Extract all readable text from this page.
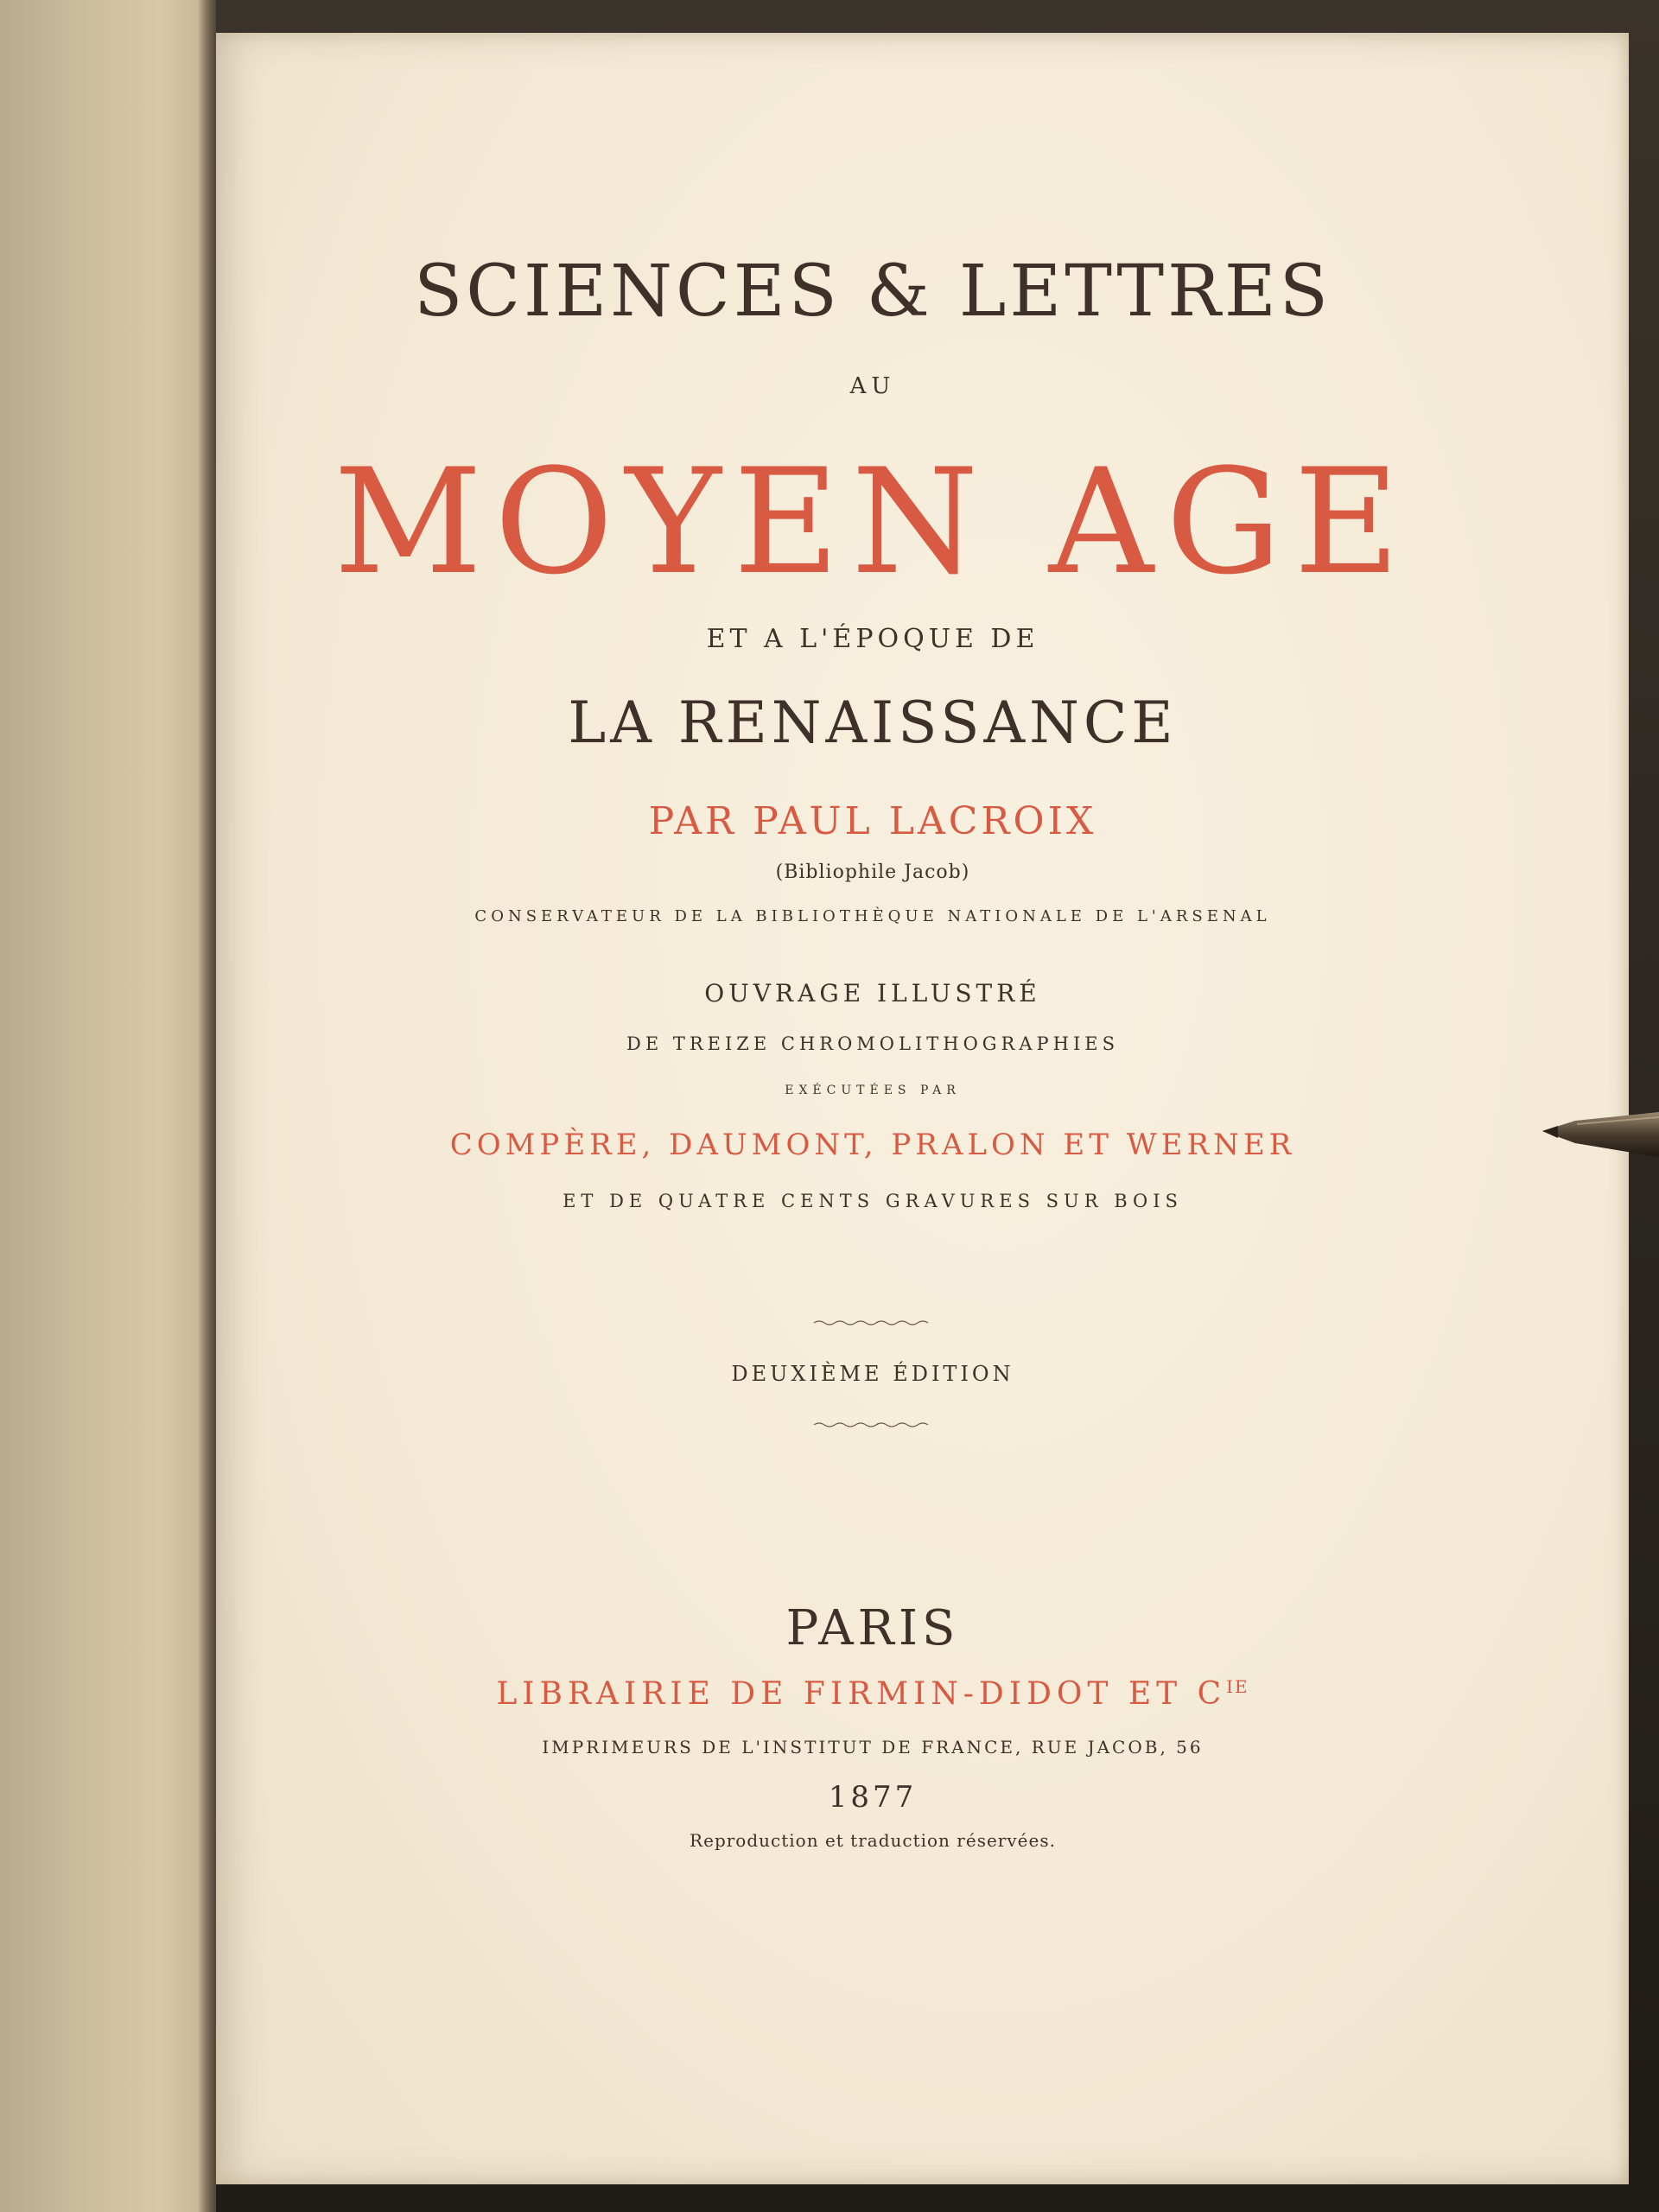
SCIENCES & LETTRES
AU
MOYEN AGE
ET A L'ÉPOQUE DE
LA RENAISSANCE
PAR PAUL LACROIX
(Bibliophile Jacob)
CONSERVATEUR DE LA BIBLIOTHÈQUE NATIONALE DE L'ARSENAL
OUVRAGE ILLUSTRÉ
DE TREIZE CHROMOLITHOGRAPHIES
EXÉCUTÉES PAR
COMPÈRE, DAUMONT, PRALON ET WERNER
ET DE QUATRE CENTS GRAVURES SUR BOIS
DEUXIÈME ÉDITION
PARIS
LIBRAIRIE DE FIRMIN-DIDOT ET $C^{IE}$
IMPRIMEURS DE L'INSTITUT DE FRANCE, RUE JACOB, 56
1877
Reproduction et traduction réservées.
